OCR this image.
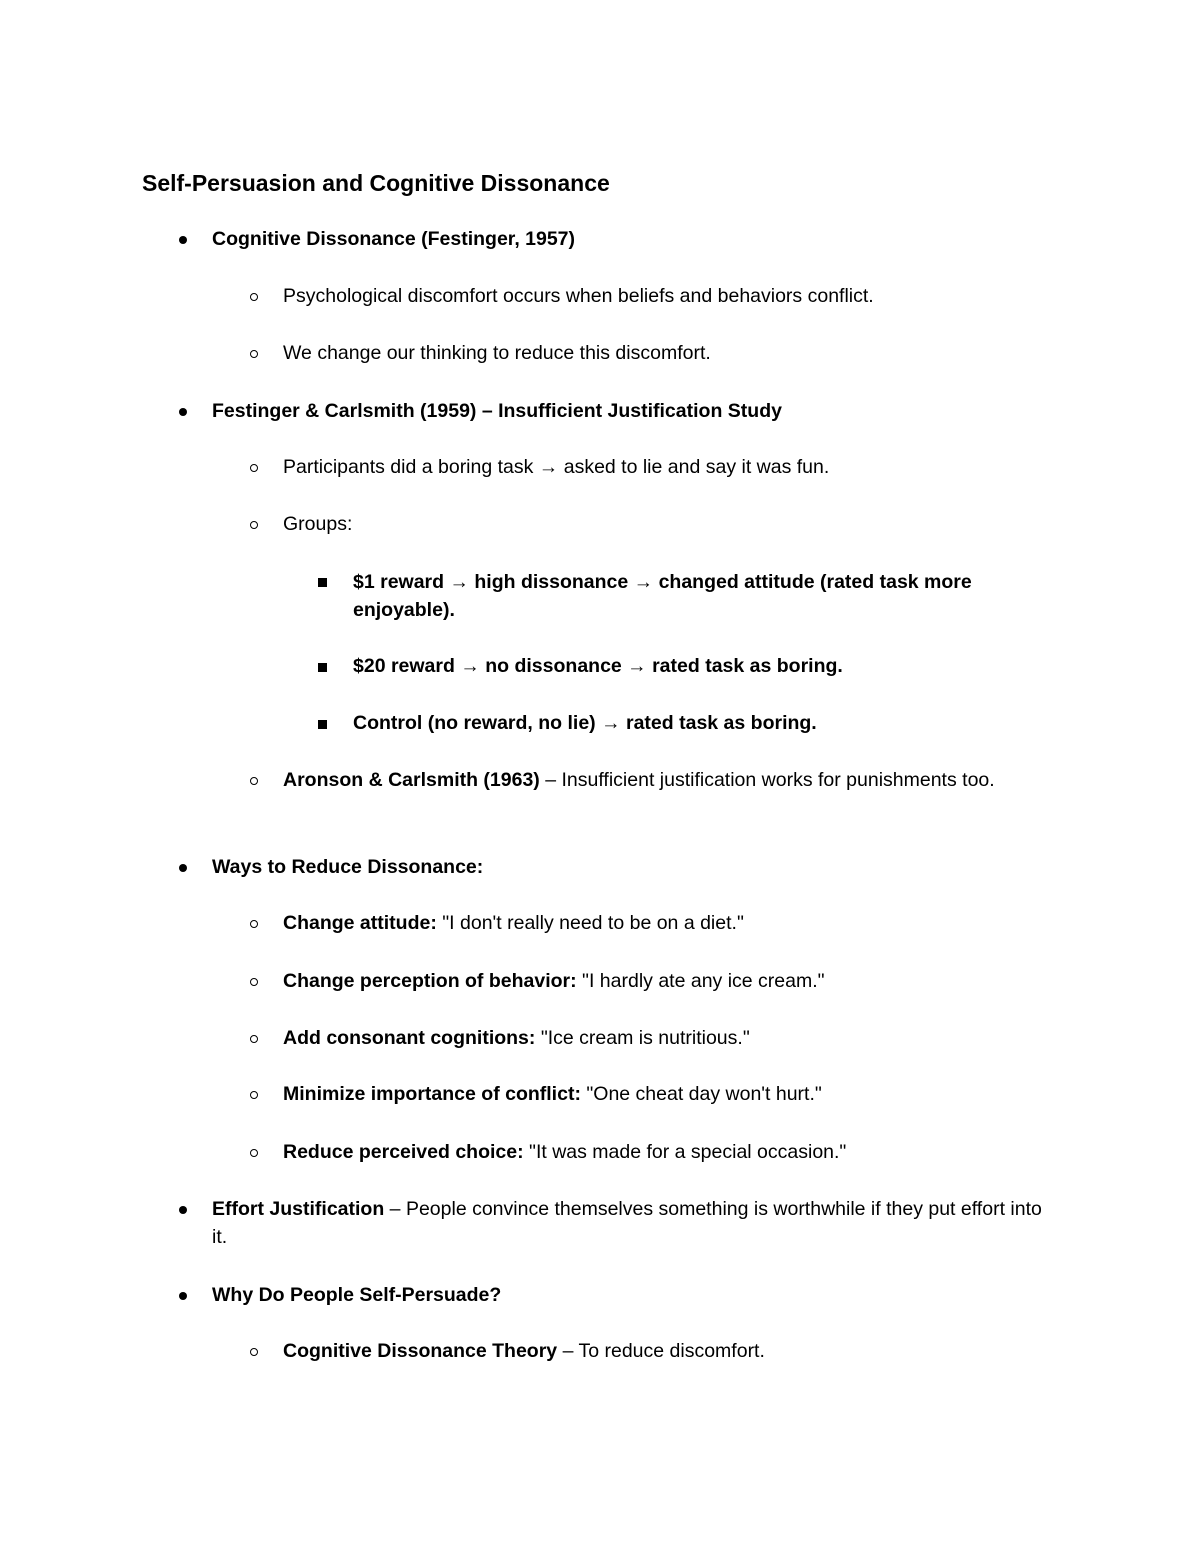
Self-Persuasion and Cognitive Dissonance
Cognitive Dissonance (Festinger, 1957)
Psychological discomfort occurs when beliefs and behaviors conflict.
We change our thinking to reduce this discomfort.
Festinger & Carlsmith (1959) – Insufficient Justification Study
Participants did a boring task → asked to lie and say it was fun.
Groups:
$1 reward → high dissonance → changed attitude (rated task more enjoyable).
$20 reward → no dissonance → rated task as boring.
Control (no reward, no lie) → rated task as boring.
Aronson & Carlsmith (1963) – Insufficient justification works for punishments too.
Ways to Reduce Dissonance:
Change attitude: "I don't really need to be on a diet."
Change perception of behavior: "I hardly ate any ice cream."
Add consonant cognitions: "Ice cream is nutritious."
Minimize importance of conflict: "One cheat day won't hurt."
Reduce perceived choice: "It was made for a special occasion."
Effort Justification – People convince themselves something is worthwhile if they put effort into it.
Why Do People Self-Persuade?
Cognitive Dissonance Theory – To reduce discomfort.
